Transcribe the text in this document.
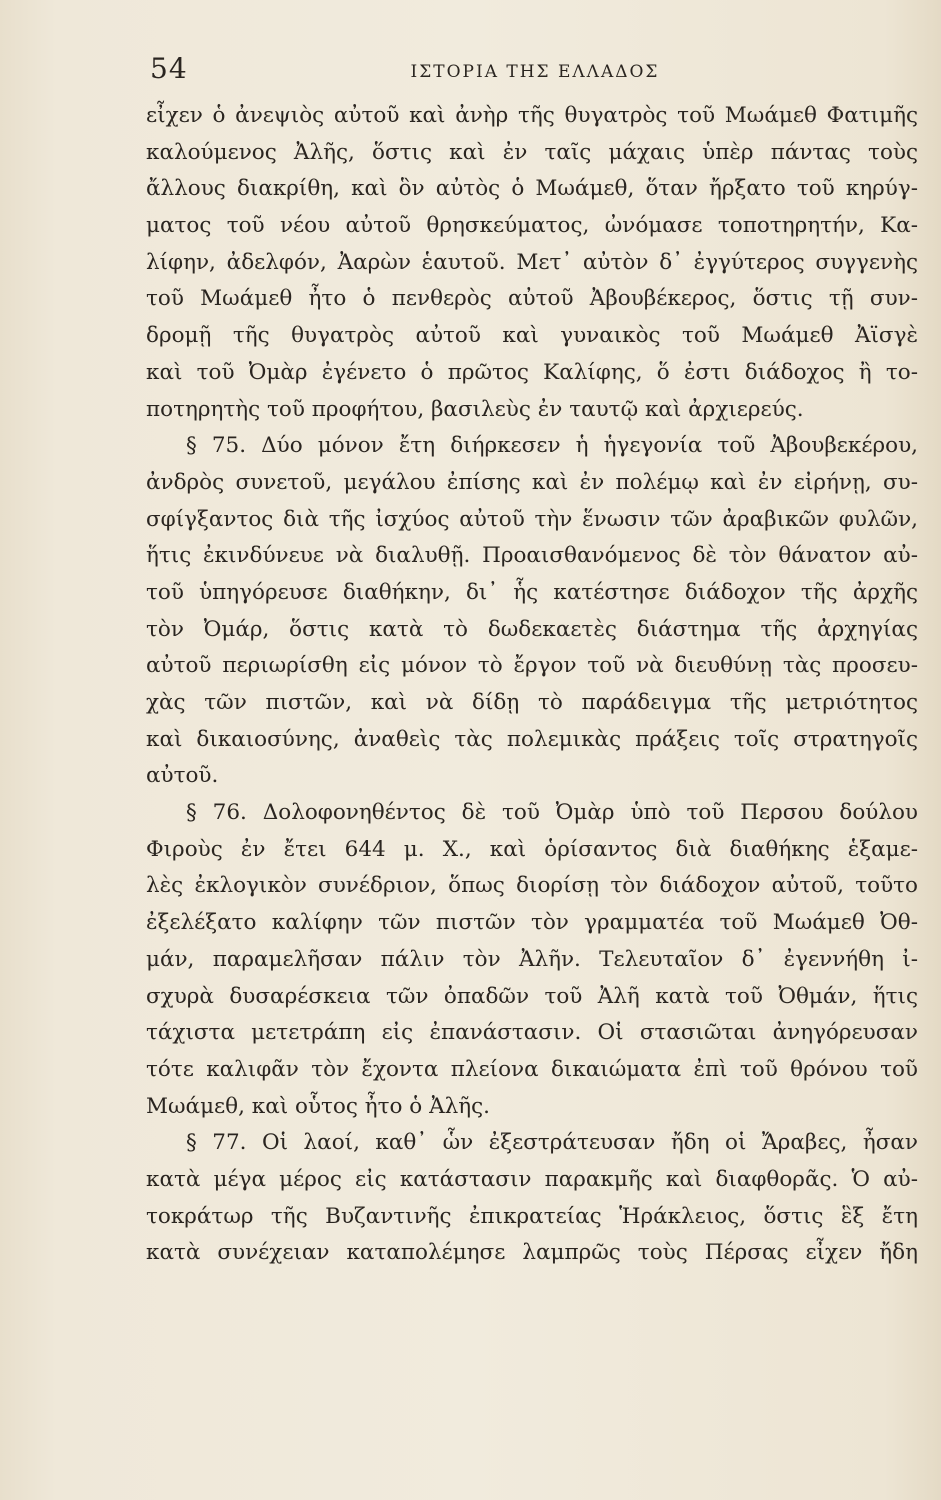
54	ΙΣΤΟΡΙΑ ΤΗΣ ΕΛΛΑΔΟΣ
εἶχεν ὁ ἀνεψιὸς αὐτοῦ καὶ ἀνὴρ τῆς θυγατρὸς τοῦ Μωάμεθ Φατιμῆς
καλούμενος Ἀλῆς, ὅστις καὶ ἐν ταῖς μάχαις ὑπὲρ πάντας τοὺς
ἄλλους διακρίθη, καὶ ὃν αὐτὸς ὁ Μωάμεθ, ὅταν ἤρξατο τοῦ κηρύγ-
ματος τοῦ νέου αὐτοῦ θρησκεύματος, ὠνόμασε τοποτηρητήν, Κα-
λίφην, ἀδελφόν, Ἀαρὼν ἑαυτοῦ. Μετ᾽ αὐτὸν δ᾽ ἐγγύτερος συγγενὴς
τοῦ Μωάμεθ ἦτο ὁ πενθερὸς αὐτοῦ Ἀβουβέκερος, ὅστις τῇ συν-
δρομῇ τῆς θυγατρὸς αὐτοῦ καὶ γυναικὸς τοῦ Μωάμεθ Ἀϊσγὲ
καὶ τοῦ Ὀμὰρ ἐγένετο ὁ πρῶτος Καλίφης, ὅ ἐστι διάδοχος ἢ το-
ποτηρητὴς τοῦ προφήτου, βασιλεὺς ἐν ταυτῷ καὶ ἀρχιερεύς.
§ 75. Δύο μόνον ἔτη διήρκεσεν ἡ ἡγεγονία τοῦ Ἀβουβεκέρου,
ἀνδρὸς συνετοῦ, μεγάλου ἐπίσης καὶ ἐν πολέμῳ καὶ ἐν εἰρήνῃ, συ-
σφίγξαντος διὰ τῆς ἰσχύος αὐτοῦ τὴν ἕνωσιν τῶν ἀραβικῶν φυλῶν,
ἥτις ἐκινδύνευε νὰ διαλυθῇ. Προαισθανόμενος δὲ τὸν θάνατον αὐ-
τοῦ ὑπηγόρευσε διαθήκην, δι᾽ ἧς κατέστησε διάδοχον τῆς ἀρχῆς
τὸν Ὀμάρ, ὅστις κατὰ τὸ δωδεκαετὲς διάστημα τῆς ἀρχηγίας
αὐτοῦ περιωρίσθη εἰς μόνον τὸ ἔργον τοῦ νὰ διευθύνῃ τὰς προσευ-
χὰς τῶν πιστῶν, καὶ νὰ δίδῃ τὸ παράδειγμα τῆς μετριότητος
καὶ δικαιοσύνης, ἀναθεὶς τὰς πολεμικὰς πράξεις τοῖς στρατηγοῖς
αὐτοῦ.
§ 76. Δολοφονηθέντος δὲ τοῦ Ὀμὰρ ὑπὸ τοῦ Περσου δούλου
Φιροὺς ἐν ἔτει 644 μ. Χ., καὶ ὁρίσαντος διὰ διαθήκης ἑξαμε-
λὲς ἐκλογικὸν συνέδριον, ὅπως διορίσῃ τὸν διάδοχον αὐτοῦ, τοῦτο
ἐξελέξατο καλίφην τῶν πιστῶν τὸν γραμματέα τοῦ Μωάμεθ Ὀθ-
μάν, παραμελῆσαν πάλιν τὸν Ἀλῆν. Τελευταῖον δ᾽ ἐγεννήθη ἰ-
σχυρὰ δυσαρέσκεια τῶν ὀπαδῶν τοῦ Ἀλῆ κατὰ τοῦ Ὀθμάν, ἥτις
τάχιστα μετετράπη εἰς ἐπανάστασιν. Οἱ στασιῶται ἀνηγόρευσαν
τότε καλιφᾶν τὸν ἔχοντα πλείονα δικαιώματα ἐπὶ τοῦ θρόνου τοῦ
Μωάμεθ, καὶ οὗτος ἦτο ὁ Ἀλῆς.
§ 77. Οἱ λαοί, καθ᾽ ὧν ἐξεστράτευσαν ἤδη οἱ Ἄραβες, ἦσαν
κατὰ μέγα μέρος εἰς κατάστασιν παρακμῆς καὶ διαφθορᾶς. Ὁ αὐ-
τοκράτωρ τῆς Βυζαντινῆς ἐπικρατείας Ἡράκλειος, ὅστις ἓξ ἔτη
κατὰ συνέχειαν καταπολέμησε λαμπρῶς τοὺς Πέρσας εἶχεν ἤδη
